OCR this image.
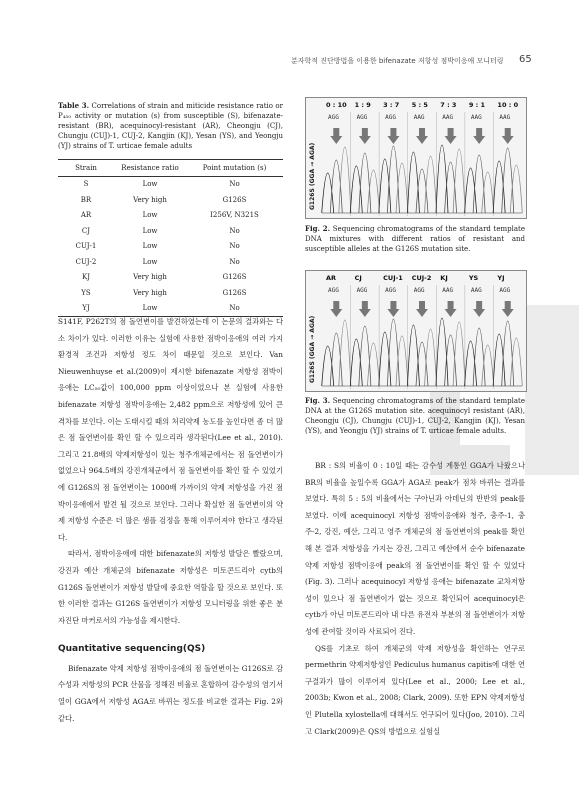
분자학적 진단방법을 이용한 bifenazate 저항성 점박이응애 모니터링 65
Table 3. Correlations of strain and miticide resistance ratio or P₄₅₀ activity or mutation (s) from susceptible (S), bifenazate-resistant (BR), acequinocyl-resistant (AR), Cheongju (CJ), Chungju (CUJ)-1, CUJ-2, Kangjin (KJ), Yesan (YS), and Yeongju (YJ) strains of T. urticae female adults
Strain	Resistance ratio	Point mutation (s)
S	Low	No
BR	Very high	G126S
AR	Low	I256V, N321S
CJ	Low	No
CUJ-1	Low	No
CUJ-2	Low	No
KJ	Very high	G126S
YS	Very high	G126S
YJ	Low	No

S141F, P262T의 점 돌연변이를 발견하였는데 이 논문의 결과와는 다소 차이가 있다. 이러한 이유는 실험에 사용한 점박이응애의 여러 가지 환경적 조건과 저항성 정도 차이 때문일 것으로 보인다. Van Nieuwenhuyse et al.(2009)이 제시한 bifenazate 저항성 점박이응애는 LC₅₀값이 100,000 ppm 이상이었으나 본 실험에 사용한 bifenazate 저항성 점박이응애는 2,482 ppm으로 저항성에 있어 큰 격차를 보인다. 이는 도태시킬 때의 처리약제 농도를 높인다면 좀 더 많은 점 돌연변이를 확인 할 수 있으리라 생각된다(Lee et al., 2010). 그리고 21.8배의 약제저항성이 있는 청주개체군에서는 점 돌연변이가 없었으나 964.5배의 강진개체군에서 점 돌연변이를 확인 할 수 있었기에 G126S의 점 돌연변이는 1000배 가까이의 약제 저항성을 가진 점박이응애에서 발견 될 것으로 보인다. 그러나 확실한 점 돌연변이의 약제 저항성 수준은 더 많은 샘플 검정을 통해 이루어져야 한다고 생각된다.

따라서, 점박이응애에 대한 bifenazate의 저항성 발달은 빨랐으며, 강진과 예산 개체군의 bifenazate 저항성은 미토콘드리아 cytb의 G126S 돌연변이가 저항성 발달에 중요한 역할을 할 것으로 보인다. 또한 이러한 결과는 G126S 돌연변이가 저항성 모니터링을 위한 좋은 분자진단 마커로서의 가능성을 제시한다.

Quantitative sequencing(QS)

Bifenazate 약제 저항성 점박이응애의 점 돌연변이는 G126S로 감수성과 저항성의 PCR 산물을 정해진 비율로 혼합하여 감수성의 염기서열이 GGA에서 저항성 AGA로 바뀌는 정도를 비교한 결과는 Fig. 2와 같다.

G126S (GGA → AGA)
0 : 10
AGG
1 : 9
AGG
3 : 7
AGG
5 : 5
AAG
7 : 3
AAG
9 : 1
AAG
10 : 0
AAG
Fig. 2. Sequencing chromatograms of the standard template DNA mixtures with different ratios of resistant and susceptible alleles at the G126S mutation site.
G126S (GGA → AGA)
AR
AGG
CJ
AGG
CUJ-1
AGG
CUJ-2
AGG
KJ
AAG
YS
AAG
YJ
AGG
Fig. 3. Sequencing chromatograms of the standard template DNA at the G126S mutation site. acequinocyl resistant (AR), Cheongju (CJ), Chungju (CUJ)-1, CUJ-2, Kangjin (KJ), Yesan (YS), and Yeongju (YJ) strains of T. urticae female adults.

BR : S의 비율이 0 : 10일 때는 감수성 계통인 GGA가 나왔으나 BR의 비율을 높일수록 GGA가 AGA로 peak가 점차 바뀌는 결과를 보였다. 특히 5 : 5의 비율에서는 구아닌과 아데닌의 반반의 peak를 보였다. 이에 acequinocyl 저항성 점박이응애와 청주, 충주-1, 충주-2, 강진, 예산, 그리고 영주 개체군의 점 돌연변이의 peak를 확인해 본 결과 저항성을 가지는 강진, 그리고 예산에서 순수 bifenazate 약제 저항성 점박이응애 peak의 점 돌연변이를 확인 할 수 있었다(Fig. 3). 그러나 acequinocyl 저항성 응애는 bifenazate 교차저항성이 있으나 점 돌연변이가 없는 것으로 확인되어 acequinocyl은 cytb가 아닌 미토콘드리아 내 다른 유전자 부분의 점 돌연변이가 저항성에 관여할 것이라 사료되어 진다.

QS를 기초로 하여 개체군의 약제 저항성을 확인하는 연구로 permethrin 약제저항성인 Pediculus humanus capitis에 대한 연구결과가 많이 이루어져 있다(Lee et al., 2000; Lee et al., 2003b; Kwon et al., 2008; Clark, 2009). 또한 EPN 약제저항성인 Plutella xylostella에 대해서도 연구되어 있다(Joo, 2010). 그리고 Clark(2009)은 QS의 방법으로 실험실
